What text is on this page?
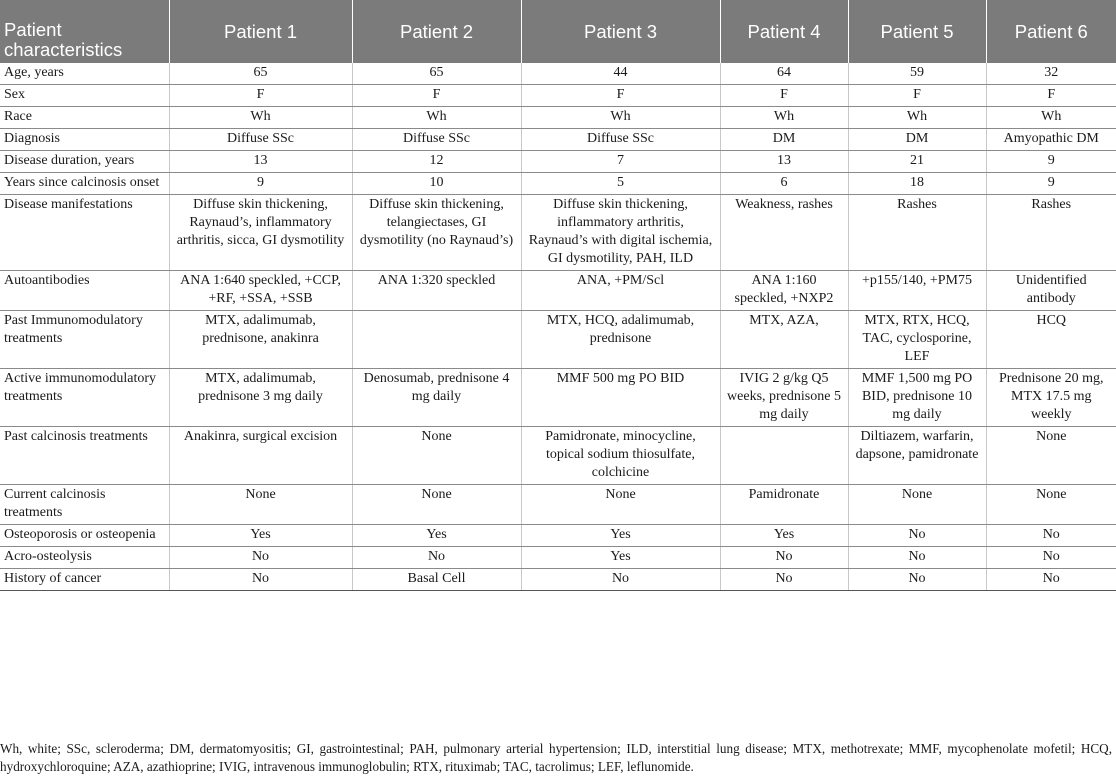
Patient characteristics	Patient 1	Patient 2	Patient 3	Patient 4	Patient 5	Patient 6
Age, years	65	65	44	64	59	32
Sex	F	F	F	F	F	F
Race	Wh	Wh	Wh	Wh	Wh	Wh
Diagnosis	Diffuse SSc	Diffuse SSc	Diffuse SSc	DM	DM	Amyopathic DM
Disease duration, years	13	12	7	13	21	9
Years since calcinosis onset	9	10	5	6	18	9
Disease manifestations	Diffuse skin thickening, Raynaud’s, inflammatory arthritis, sicca, GI dysmotility	Diffuse skin thickening, telangiectases, GI dysmotility (no Raynaud’s)	Diffuse skin thickening, inflammatory arthritis, Raynaud’s with digital ischemia, GI dysmotility, PAH, ILD	Weakness, rashes	Rashes	Rashes
Autoantibodies	ANA 1:640 speckled, +CCP, +RF, +SSA, +SSB	ANA 1:320 speckled	ANA, +PM/Scl	ANA 1:160 speckled, +NXP2	+p155/140, +PM75	Unidentified antibody
Past Immunomodulatory treatments	MTX, adalimumab, prednisone, anakinra		MTX, HCQ, adalimumab, prednisone	MTX, AZA,	MTX, RTX, HCQ, TAC, cyclosporine, LEF	HCQ
Active immunomodulatory treatments	MTX, adalimumab, prednisone 3 mg daily	Denosumab, prednisone 4 mg daily	MMF 500 mg PO BID	IVIG 2 g/kg Q5 weeks, prednisone 5 mg daily	MMF 1,500 mg PO BID, prednisone 10 mg daily	Prednisone 20 mg, MTX 17.5 mg weekly
Past calcinosis treatments	Anakinra, surgical excision	None	Pamidronate, minocycline, topical sodium thiosulfate, colchicine		Diltiazem, warfarin, dapsone, pamidronate	None
Current calcinosis treatments	None	None	None	Pamidronate	None	None
Osteoporosis or osteopenia	Yes	Yes	Yes	Yes	No	No
Acro-osteolysis	No	No	Yes	No	No	No
History of cancer	No	Basal Cell	No	No	No	No

Wh, white; SSc, scleroderma; DM, dermatomyositis; GI, gastrointestinal; PAH, pulmonary arterial hypertension; ILD, interstitial lung disease; MTX, methotrexate; MMF, mycophenolate mofetil; HCQ, hydroxychloroquine; AZA, azathioprine; IVIG, intravenous immunoglobulin; RTX, rituximab; TAC, tacrolimus; LEF, leflunomide.
